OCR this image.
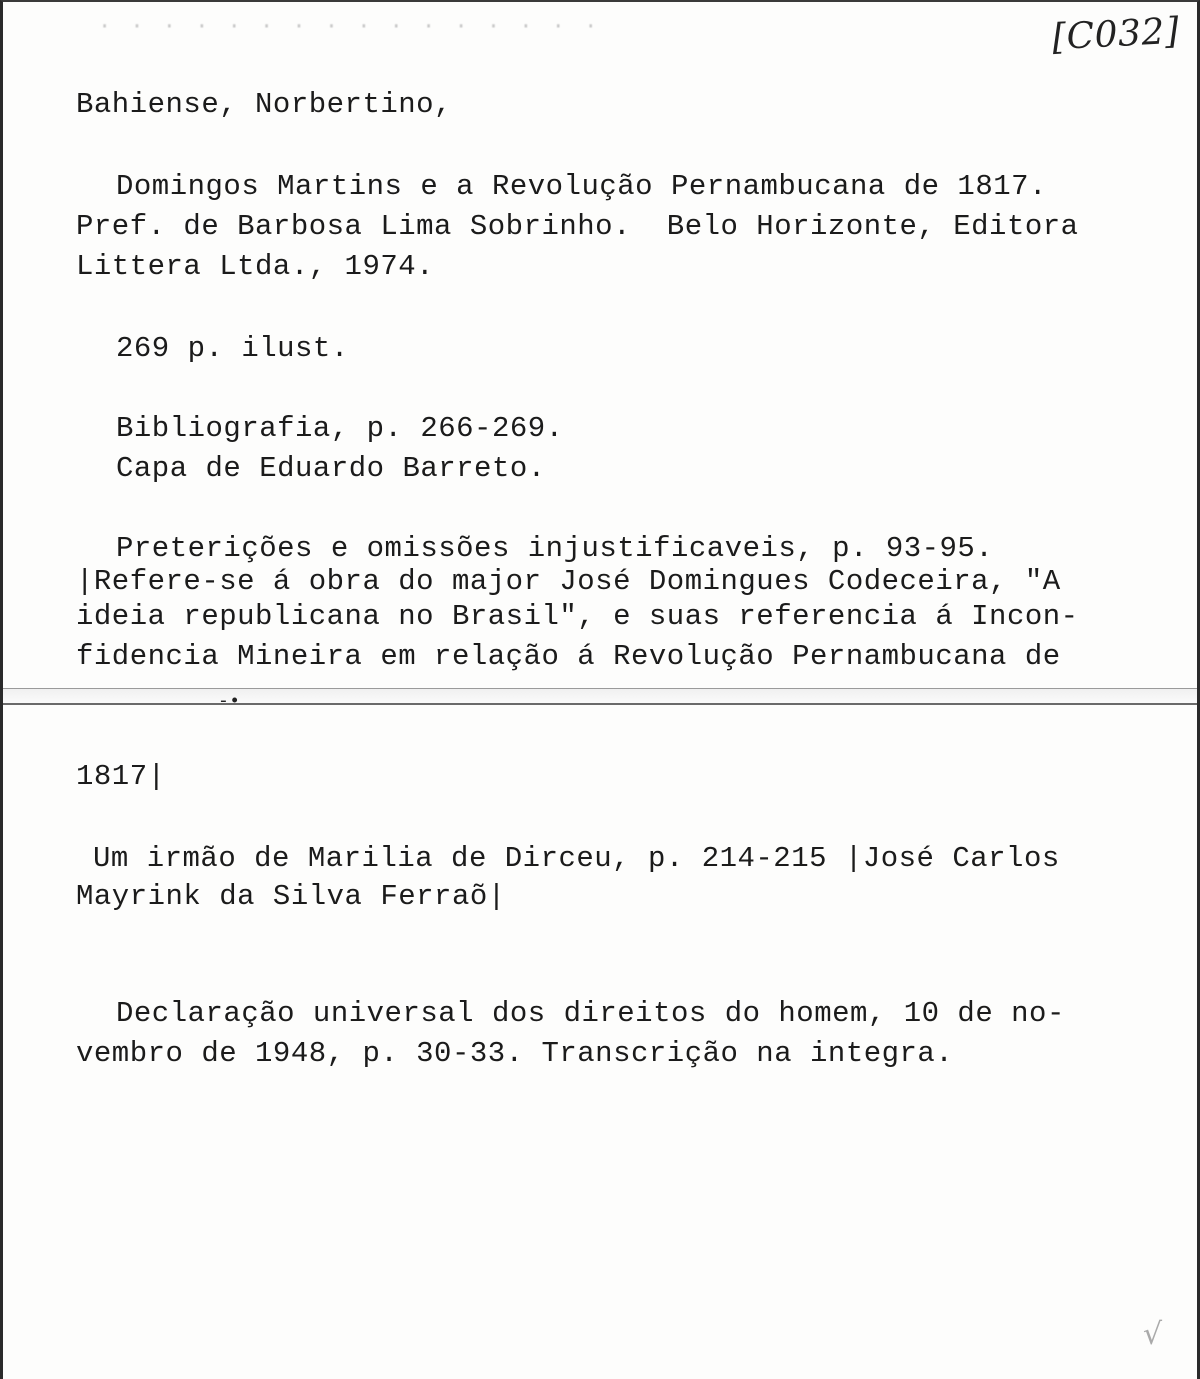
· · · · · · · · · · · · · · · ·	[C032]
Bahiense, Norbertino,
Domingos Martins e a Revolução Pernambucana de 1817.
Pref. de Barbosa Lima Sobrinho.  Belo Horizonte, Editora
Littera Ltda., 1974.
269 p. ilust.
Bibliografia, p. 266-269.
Capa de Eduardo Barreto.
Preterições e omissões injustificaveis, p. 93-95.
|Refere-se á obra do major José Domingues Codeceira, "A
ideia republicana no Brasil", e suas referencia á Incon-
fidencia Mineira em relação á Revolução Pernambucana de
-•
1817|
Um irmão de Marilia de Dirceu, p. 214-215 |José Carlos
Mayrink da Silva Ferraõ|
Declaração universal dos direitos do homem, 10 de no-
vembro de 1948, p. 30-33. Transcrição na integra.
√
